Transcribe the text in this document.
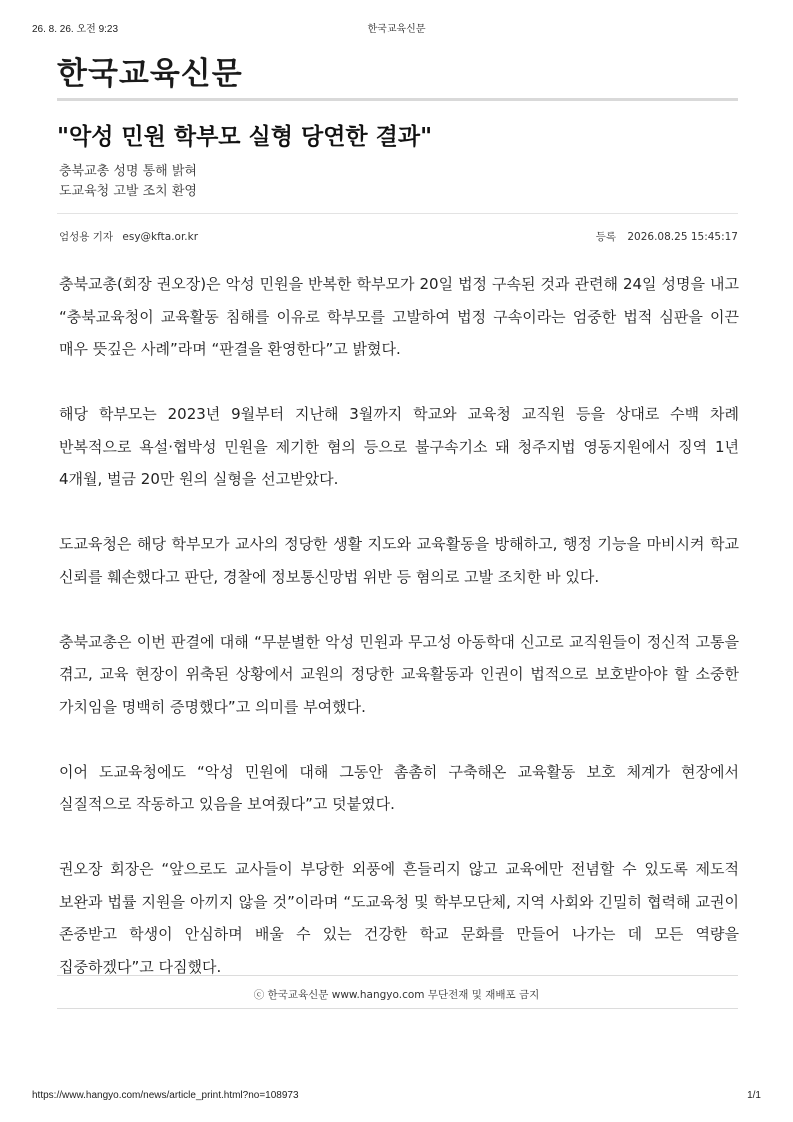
26. 8. 26. 오전 9:23	한국교육신문
한국교육신문
"악성 민원 학부모 실형 당연한 결과"
충북교총 성명 통해 밝혀
도교육청 고발 조치 환영
엄성용 기자 esy@kfta.or.kr	등록 2026.08.25 15:45:17

충북교총(회장 권오장)은 악성 민원을 반복한 학부모가 20일 법정 구속된 것과 관련해 24일 성명을 내고 “충북교육청이 교육활동 침해를 이유로 학부모를 고발하여 법정 구속이라는 엄중한 법적 심판을 이끈 매우 뜻깊은 사례”라며 “판결을 환영한다”고 밝혔다.

해당 학부모는 2023년 9월부터 지난해 3월까지 학교와 교육청 교직원 등을 상대로 수백 차례 반복적으로 욕설·협박성 민원을 제기한 혐의 등으로 불구속기소 돼 청주지법 영동지원에서 징역 1년 4개월, 벌금 20만 원의 실형을 선고받았다.

도교육청은 해당 학부모가 교사의 정당한 생활 지도와 교육활동을 방해하고, 행정 기능을 마비시켜 학교 신뢰를 훼손했다고 판단, 경찰에 정보통신망법 위반 등 혐의로 고발 조치한 바 있다.

충북교총은 이번 판결에 대해 “무분별한 악성 민원과 무고성 아동학대 신고로 교직원들이 정신적 고통을 겪고, 교육 현장이 위축된 상황에서 교원의 정당한 교육활동과 인권이 법적으로 보호받아야 할 소중한 가치임을 명백히 증명했다”고 의미를 부여했다.

이어 도교육청에도 “악성 민원에 대해 그동안 촘촘히 구축해온 교육활동 보호 체계가 현장에서 실질적으로 작동하고 있음을 보여줬다”고 덧붙였다.

권오장 회장은 “앞으로도 교사들이 부당한 외풍에 흔들리지 않고 교육에만 전념할 수 있도록 제도적 보완과 법률 지원을 아끼지 않을 것”이라며 “도교육청 및 학부모단체, 지역 사회와 긴밀히 협력해 교권이 존중받고 학생이 안심하며 배울 수 있는 건강한 학교 문화를 만들어 나가는 데 모든 역량을 집중하겠다”고 다짐했다.

ⓒ 한국교육신문 www.hangyo.com 무단전재 및 재배포 금지
https://www.hangyo.com/news/article_print.html?no=108973	1/1
